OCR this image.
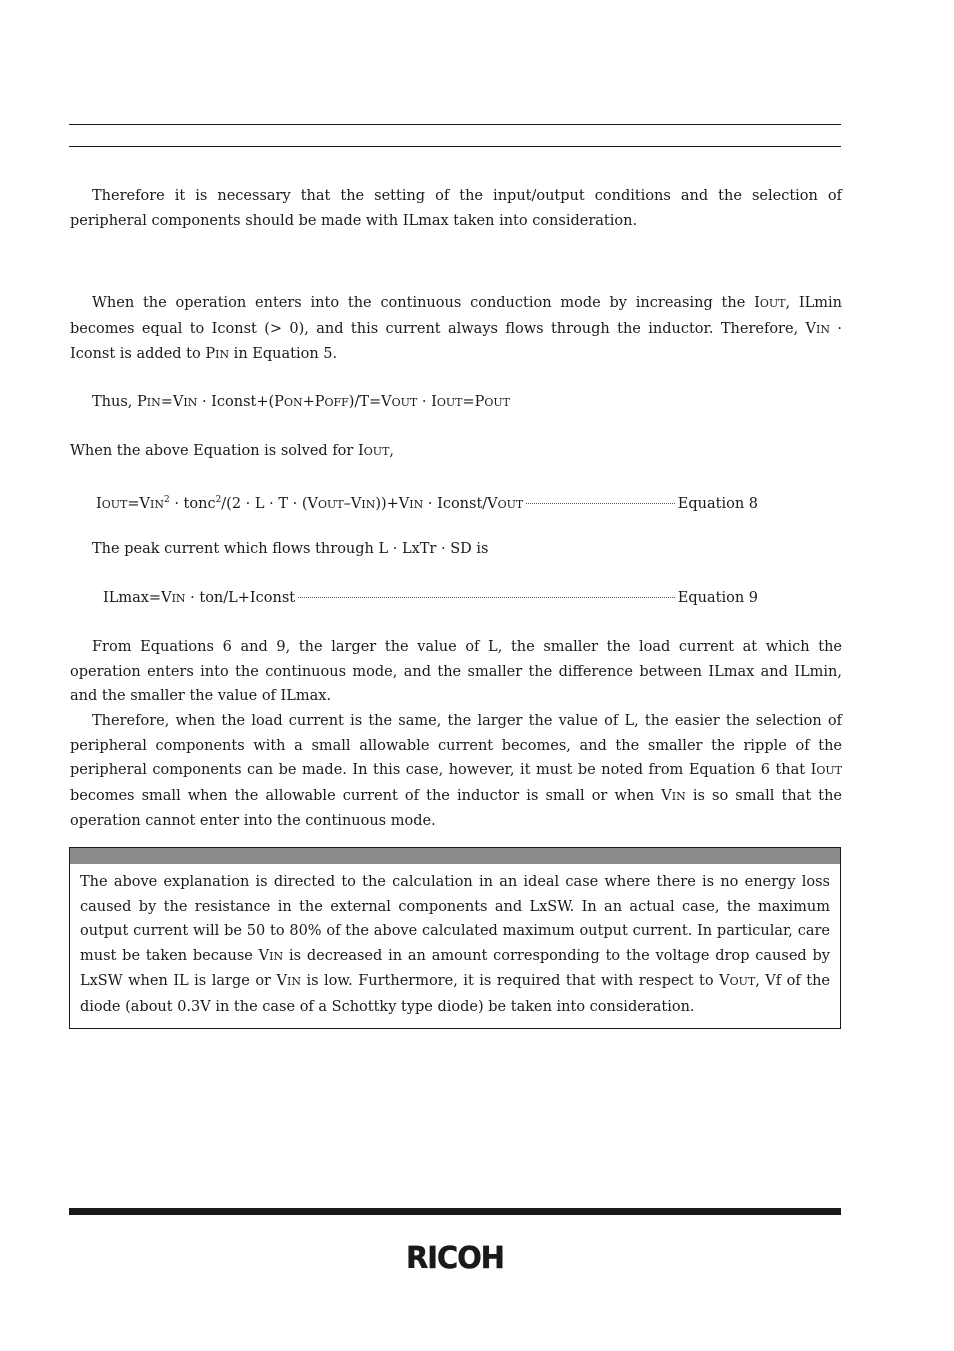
Therefore it is necessary that the setting of the input/output conditions and the selection of peripheral components should be made with ILmax taken into consideration.

When the operation enters into the continuous conduction mode by increasing the IOUT, ILmin becomes equal to Iconst (> 0), and this current always flows through the inductor. Therefore, VIN · Iconst is added to PIN in Equation 5.

Thus, PIN=VIN · Iconst+(PON+POFF)/T=VOUT · IOUT=POUT
When the above Equation is solved for IOUT,
$IOUT=VIN^2$ · tonc$^2$/(2 · L · T · (VOUT–VIN))+VIN · Iconst/VOUT	Equation 8
The peak current which flows through L · LxTr · SD is
ILmax=VIN · ton/L+Iconst	Equation 9

From Equations 6 and 9, the larger the value of L, the smaller the load current at which the operation enters into the continuous mode, and the smaller the difference between ILmax and ILmin, and the smaller the value of ILmax.

Therefore, when the load current is the same, the larger the value of L, the easier the selection of peripheral components with a small allowable current becomes, and the smaller the ripple of the peripheral components can be made. In this case, however, it must be noted from Equation 6 that IOUT becomes small when the allowable current of the inductor is small or when VIN is so small that the operation cannot enter into the continuous mode.

The above explanation is directed to the calculation in an ideal case where there is no energy loss caused by the resistance in the external components and LxSW. In an actual case, the maximum output current will be 50 to 80% of the above calculated maximum output current. In particular, care must be taken because VIN is decreased in an amount corresponding to the voltage drop caused by LxSW when IL is large or VIN is low. Furthermore, it is required that with respect to VOUT, Vf of the diode (about 0.3V in the case of a Schottky type diode) be taken into consideration.

RICOH
